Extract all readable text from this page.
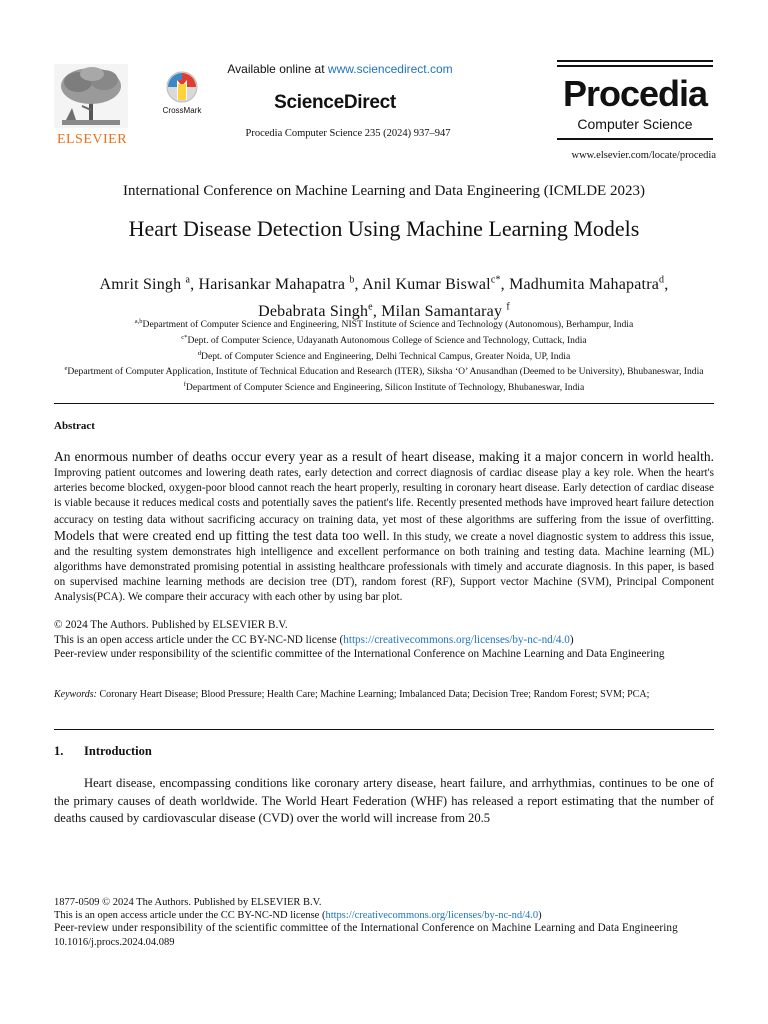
ELSEVIER
CrossMark
Available online at www.sciencedirect.com
ScienceDirect
Procedia Computer Science 235 (2024) 937–947
Procedia
Computer Science
www.elsevier.com/locate/procedia
International Conference on Machine Learning and Data Engineering (ICMLDE 2023)
Heart Disease Detection Using Machine Learning Models
Amrit Singh $^a$, Harisankar Mahapatra $^b$, Anil Kumar Biswal$^{c*}$, Madhumita Mahapatra$^d$, Debabrata Singh$^e$, Milan Samantaray $^f$
$^{a,b}$Department of Computer Science and Engineering, NIST Institute of Science and Technology (Autonomous), Berhampur, India
$^{c*}$Dept. of Computer Science, Udayanath Autonomous College of Science and Technology, Cuttack, India
$^d$Dept. of Computer Science and Engineering, Delhi Technical Campus, Greater Noida, UP, India
$^e$Department of Computer Application, Institute of Technical Education and Research (ITER), Siksha ‘O’ Anusandhan (Deemed to be University), Bhubaneswar, India
$^f$Department of Computer Science and Engineering, Silicon Institute of Technology, Bhubaneswar, India
Abstract
An enormous number of deaths occur every year as a result of heart disease, making it a major concern in world health. Improving patient outcomes and lowering death rates, early detection and correct diagnosis of cardiac disease play a key role. When the heart's arteries become blocked, oxygen-poor blood cannot reach the heart properly, resulting in coronary heart disease. Early detection of cardiac disease is viable because it reduces medical costs and potentially saves the patient's life. Recently presented methods have improved heart failure detection accuracy on testing data without sacrificing accuracy on training data, yet most of these algorithms are suffering from the issue of overfitting. Models that were created end up fitting the test data too well. In this study, we create a novel diagnostic system to address this issue, and the resulting system demonstrates high intelligence and excellent performance on both training and testing data. Machine learning (ML) algorithms have demonstrated promising potential in assisting healthcare professionals with timely and accurate diagnosis. In this paper, is based on supervised machine learning methods are decision tree (DT), random forest (RF), Support vector Machine (SVM), Principal Component Analysis(PCA). We compare their accuracy with each other by using bar plot.
© 2024 The Authors. Published by ELSEVIER B.V.
This is an open access article under the CC BY-NC-ND license (https://creativecommons.org/licenses/by-nc-nd/4.0)
Peer-review under responsibility of the scientific committee of the International Conference on Machine Learning and Data Engineering
Keywords: Coronary Heart Disease; Blood Pressure; Health Care; Machine Learning; Imbalanced Data; Decision Tree; Random Forest; SVM; PCA;
1. Introduction
Heart disease, encompassing conditions like coronary artery disease, heart failure, and arrhythmias, continues to be one of the primary causes of death worldwide. The World Heart Federation (WHF) has released a report estimating that the number of deaths caused by cardiovascular disease (CVD) over the world will increase from 20.5
1877-0509 © 2024 The Authors. Published by ELSEVIER B.V.
This is an open access article under the CC BY-NC-ND license (https://creativecommons.org/licenses/by-nc-nd/4.0)
Peer-review under responsibility of the scientific committee of the International Conference on Machine Learning and Data Engineering
10.1016/j.procs.2024.04.089
